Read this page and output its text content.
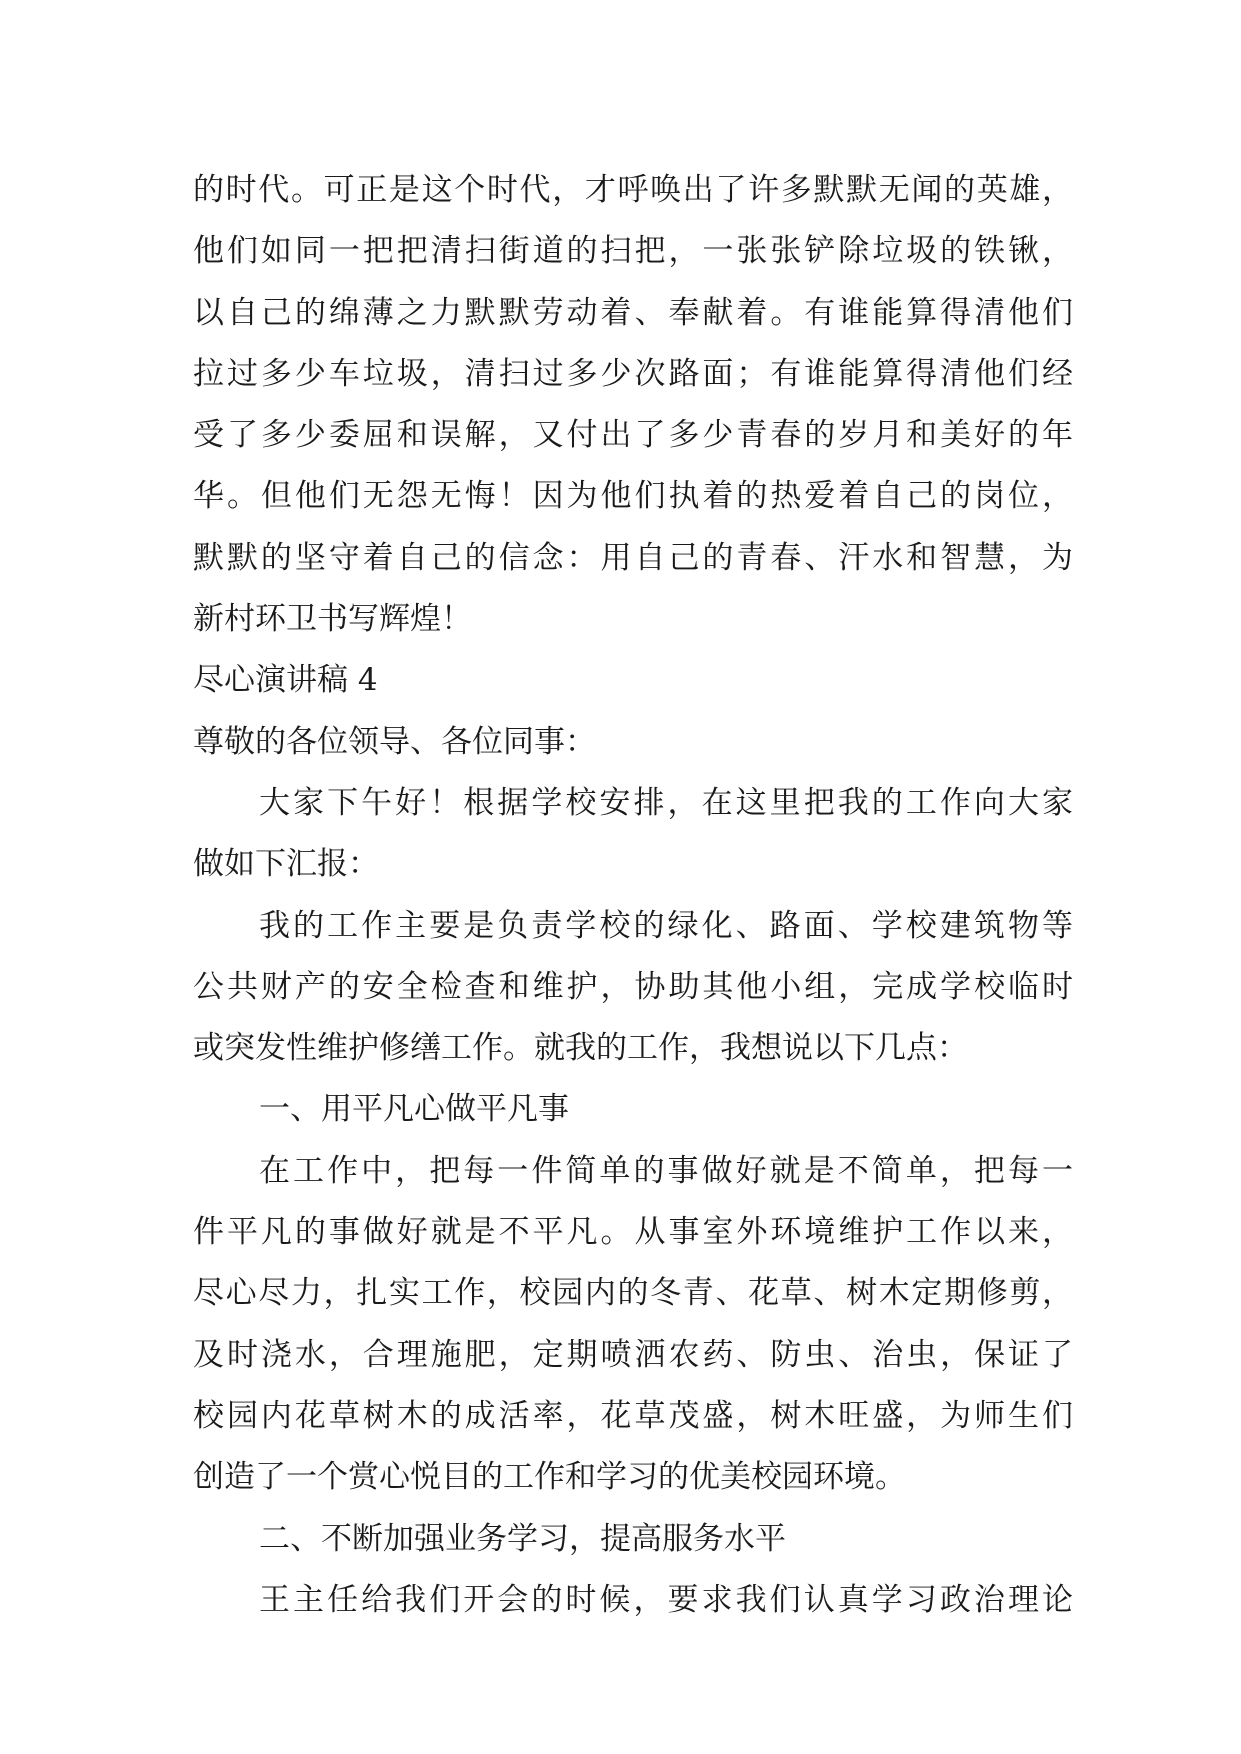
的时代。可正是这个时代，才呼唤出了许多默默无闻的英雄，
他们如同一把把清扫街道的扫把，一张张铲除垃圾的铁锹，
以自己的绵薄之力默默劳动着、奉献着。有谁能算得清他们
拉过多少车垃圾，清扫过多少次路面；有谁能算得清他们经
受了多少委屈和误解，又付出了多少青春的岁月和美好的年
华。但他们无怨无悔！因为他们执着的热爱着自己的岗位，
默默的坚守着自己的信念：用自己的青春、汗水和智慧，为
新村环卫书写辉煌！
尽心演讲稿 4
尊敬的各位领导、各位同事：
大家下午好！根据学校安排，在这里把我的工作向大家
做如下汇报：
我的工作主要是负责学校的绿化、路面、学校建筑物等
公共财产的安全检查和维护，协助其他小组，完成学校临时
或突发性维护修缮工作。就我的工作，我想说以下几点：
一、用平凡心做平凡事
在工作中，把每一件简单的事做好就是不简单，把每一
件平凡的事做好就是不平凡。从事室外环境维护工作以来，
尽心尽力，扎实工作，校园内的冬青、花草、树木定期修剪，
及时浇水，合理施肥，定期喷洒农药、防虫、治虫，保证了
校园内花草树木的成活率，花草茂盛，树木旺盛，为师生们
创造了一个赏心悦目的工作和学习的优美校园环境。
二、不断加强业务学习，提高服务水平
王主任给我们开会的时候，要求我们认真学习政治理论
